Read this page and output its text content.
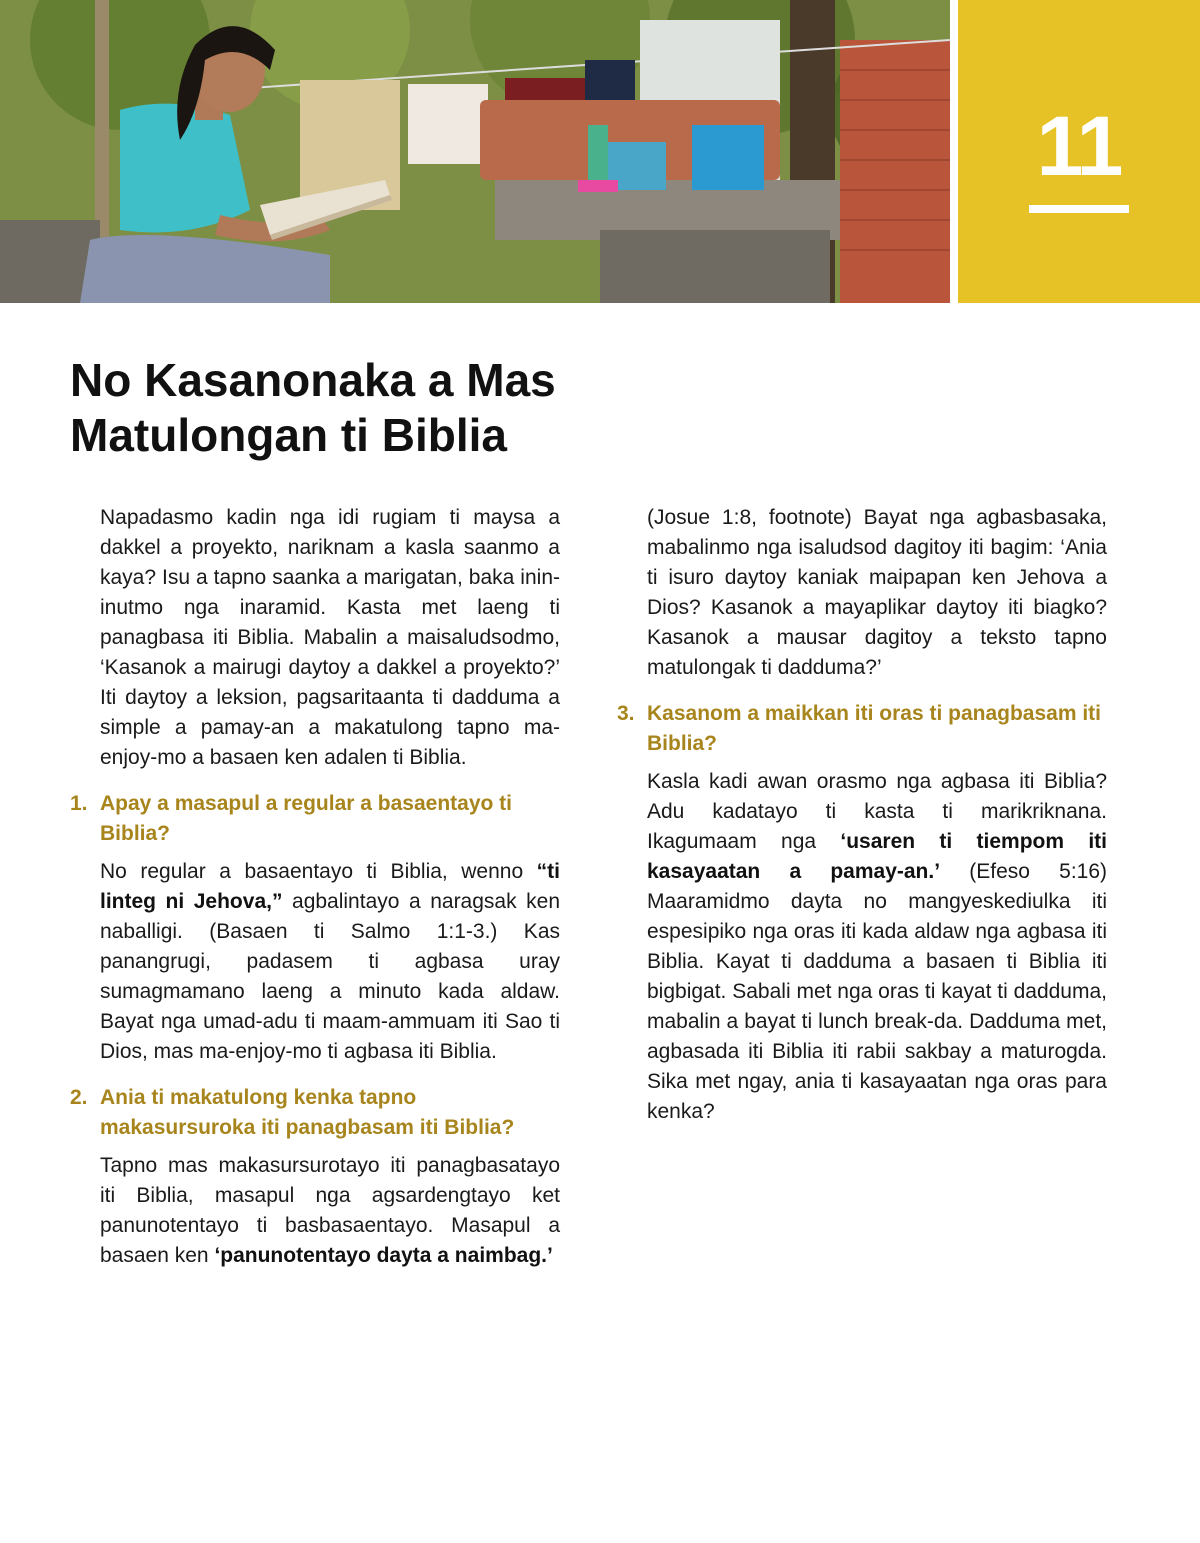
11
No Kasanonaka a Mas Matulongan ti Biblia

Napadasmo kadin nga idi rugiam ti maysa a dakkel a proyekto, nariknam a kasla saanmo a kaya? Isu a tapno saanka a marigatan, baka inin-inutmo nga inaramid. Kasta met laeng ti panagbasa iti Biblia. Mabalin a maisaludsodmo, ‘Kasanok a mairugi daytoy a dakkel a proyekto?’ Iti daytoy a leksion, pagsaritaanta ti dadduma a simple a pamay-an a makatulong tapno ma-enjoy-mo a basaen ken adalen ti Biblia.

1. Apay a masapul a regular a basaentayo ti Biblia?

No regular a basaentayo ti Biblia, wenno “ti linteg ni Jehova,” agbalintayo a naragsak ken naballigi. (Basaen ti Salmo 1:1-3.) Kas panangrugi, padasem ti agbasa uray sumagmamano laeng a minuto kada aldaw. Bayat nga umad-adu ti maam-ammuam iti Sao ti Dios, mas ma-enjoy-mo ti agbasa iti Biblia.

2. Ania ti makatulong kenka tapno makasursuroka iti panagbasam iti Biblia?

Tapno mas makasursurotayo iti panagbasatayo iti Biblia, masapul nga agsardengtayo ket panunotentayo ti basbasaentayo. Masapul a basaen ken ‘panunotentayo dayta a naimbag.’

(Josue 1:8, footnote) Bayat nga agbasbasaka, mabalinmo nga isaludsod dagitoy iti bagim: ‘Ania ti isuro daytoy kaniak maipapan ken Jehova a Dios? Kasanok a mayaplikar daytoy iti biagko? Kasanok a mausar dagitoy a teksto tapno matulongak ti dadduma?’

3. Kasanom a maikkan iti oras ti panagbasam iti Biblia?

Kasla kadi awan orasmo nga agbasa iti Biblia? Adu kadatayo ti kasta ti marikriknana. Ikagumaam nga ‘usaren ti tiempom iti kasayaatan a pamay-an.’ (Efeso 5:16) Maaramidmo dayta no mangyeskediulka iti espesipiko nga oras iti kada aldaw nga agbasa iti Biblia. Kayat ti dadduma a basaen ti Biblia iti bigbigat. Sabali met nga oras ti kayat ti dadduma, mabalin a bayat ti lunch break-da. Dadduma met, agbasada iti Biblia iti rabii sakbay a maturogda. Sika met ngay, ania ti kasayaatan nga oras para kenka?
